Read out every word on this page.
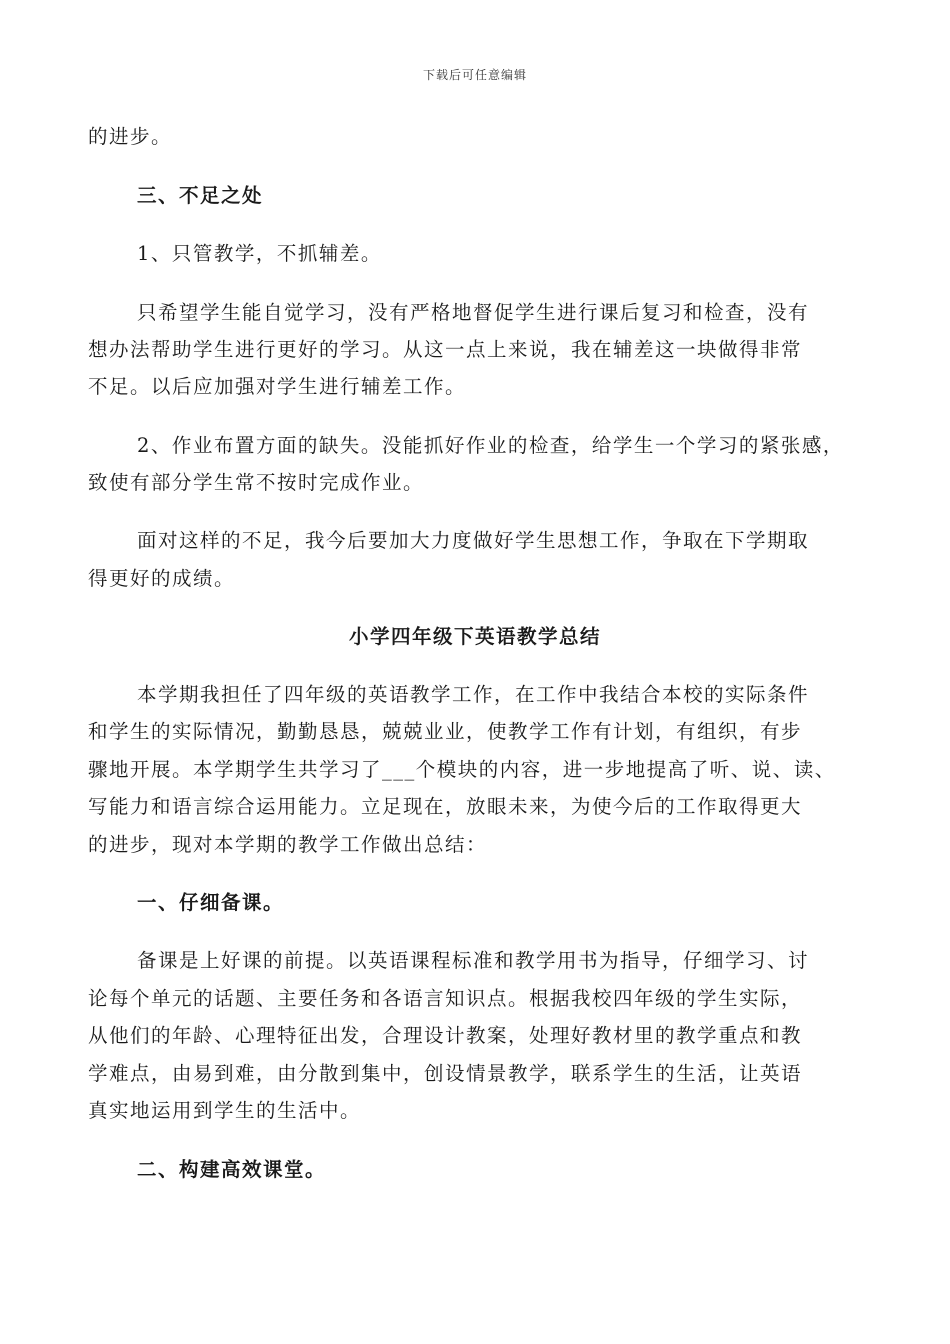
下载后可任意编辑
的进步。
三、不足之处
1、只管教学，不抓辅差。
只希望学生能自觉学习，没有严格地督促学生进行课后复习和检查，没有
想办法帮助学生进行更好的学习。从这一点上来说，我在辅差这一块做得非常
不足。以后应加强对学生进行辅差工作。
2、作业布置方面的缺失。没能抓好作业的检查，给学生一个学习的紧张感，
致使有部分学生常不按时完成作业。
面对这样的不足，我今后要加大力度做好学生思想工作，争取在下学期取
得更好的成绩。
小学四年级下英语教学总结
本学期我担任了四年级的英语教学工作，在工作中我结合本校的实际条件
和学生的实际情况，勤勤恳恳，兢兢业业，使教学工作有计划，有组织，有步
骤地开展。本学期学生共学习了___个模块的内容，进一步地提高了听、说、读、
写能力和语言综合运用能力。立足现在，放眼未来，为使今后的工作取得更大
的进步，现对本学期的教学工作做出总结：
一、仔细备课。
备课是上好课的前提。以英语课程标准和教学用书为指导，仔细学习、讨
论每个单元的话题、主要任务和各语言知识点。根据我校四年级的学生实际，
从他们的年龄、心理特征出发，合理设计教案，处理好教材里的教学重点和教
学难点，由易到难，由分散到集中，创设情景教学，联系学生的生活，让英语
真实地运用到学生的生活中。
二、构建高效课堂。
